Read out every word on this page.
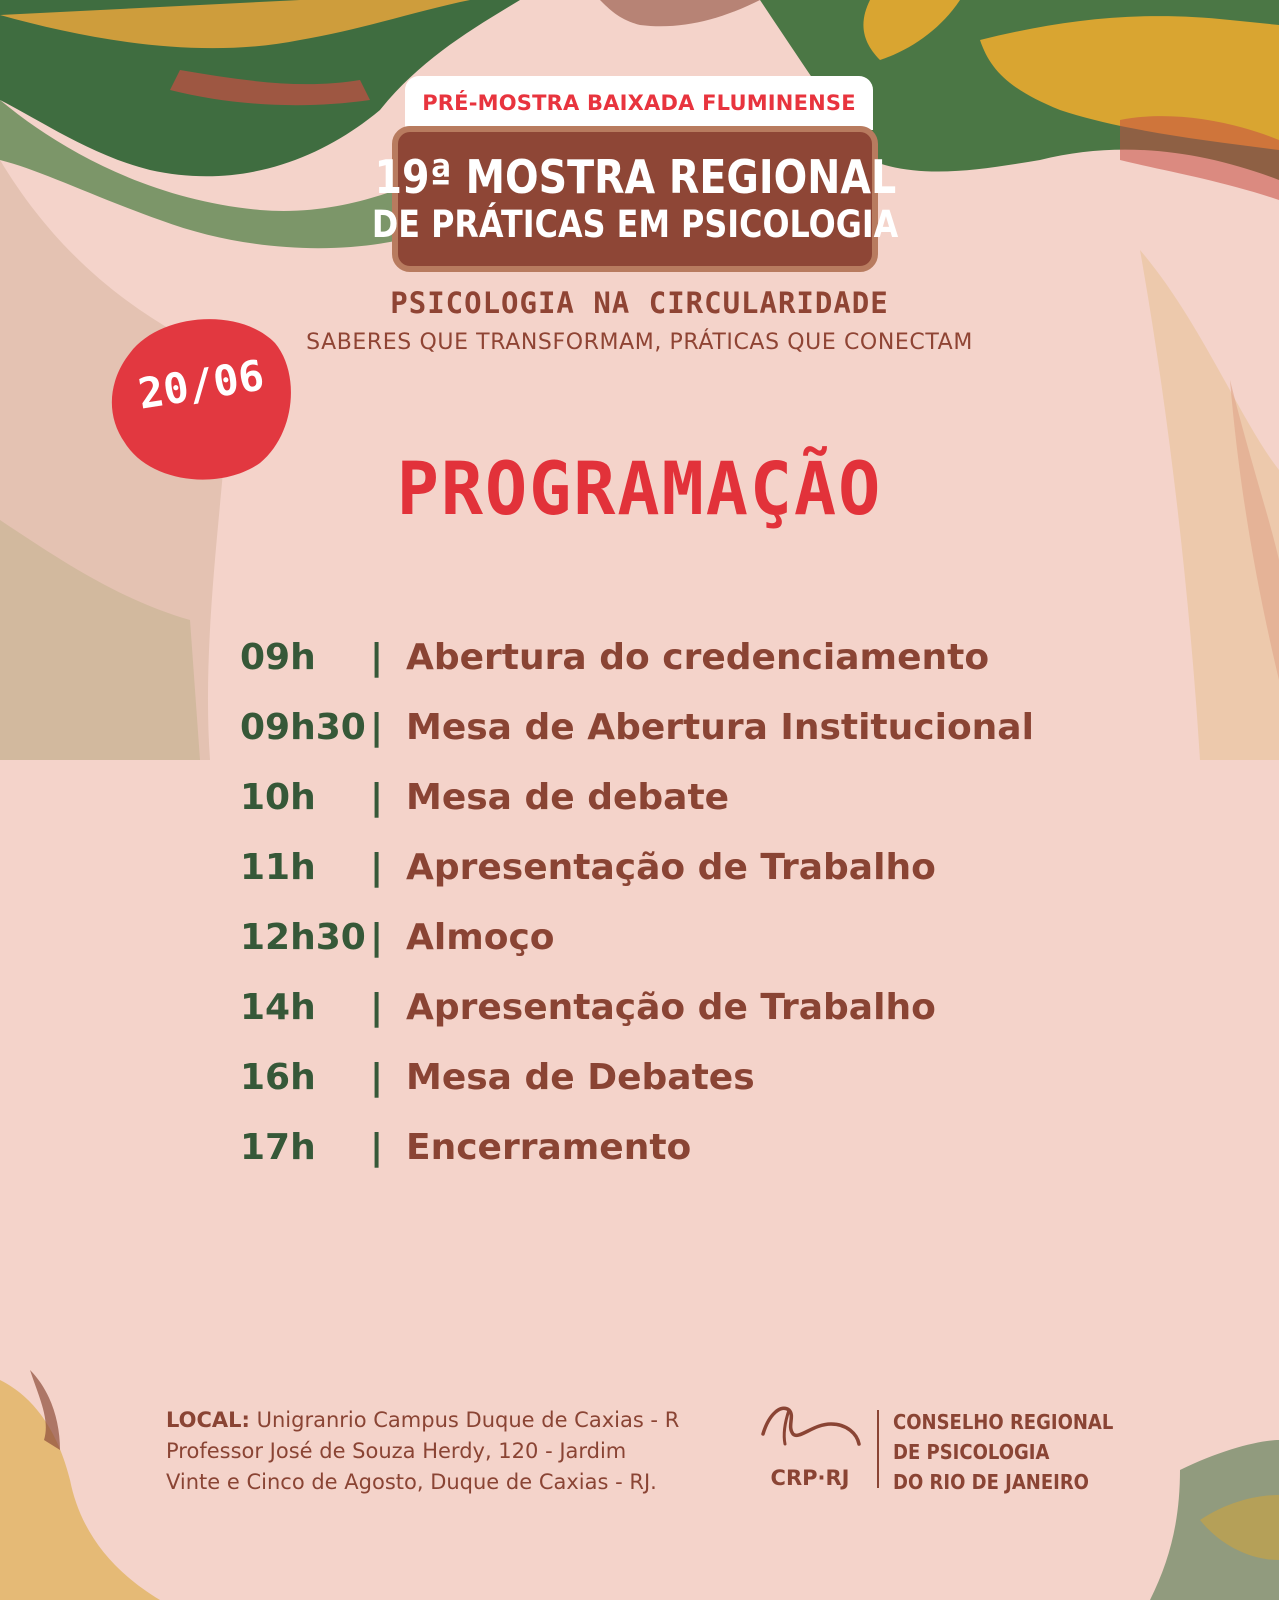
PRÉ-MOSTRA BAIXADA FLUMINENSE
19ª MOSTRA REGIONAL
DE PRÁTICAS EM PSICOLOGIA
PSICOLOGIA NA CIRCULARIDADE
SABERES QUE TRANSFORMAM, PRÁTICAS QUE CONECTAM
20/06
PROGRAMAÇÃO
09h	| Abertura do credenciamento
09h30 | Mesa de Abertura Institucional
10h	| Mesa de debate
11h	| Apresentação de Trabalho
12h30 | Almoço
14h	| Apresentação de Trabalho
16h	| Mesa de Debates
17h	| Encerramento
LOCAL: Unigranrio Campus Duque de Caxias - R
Professor José de Souza Herdy, 120 - Jardim
Vinte e Cinco de Agosto, Duque de Caxias - RJ.	CRP·RJ
CONSELHO REGIONAL
DE PSICOLOGIA
DO RIO DE JANEIRO
